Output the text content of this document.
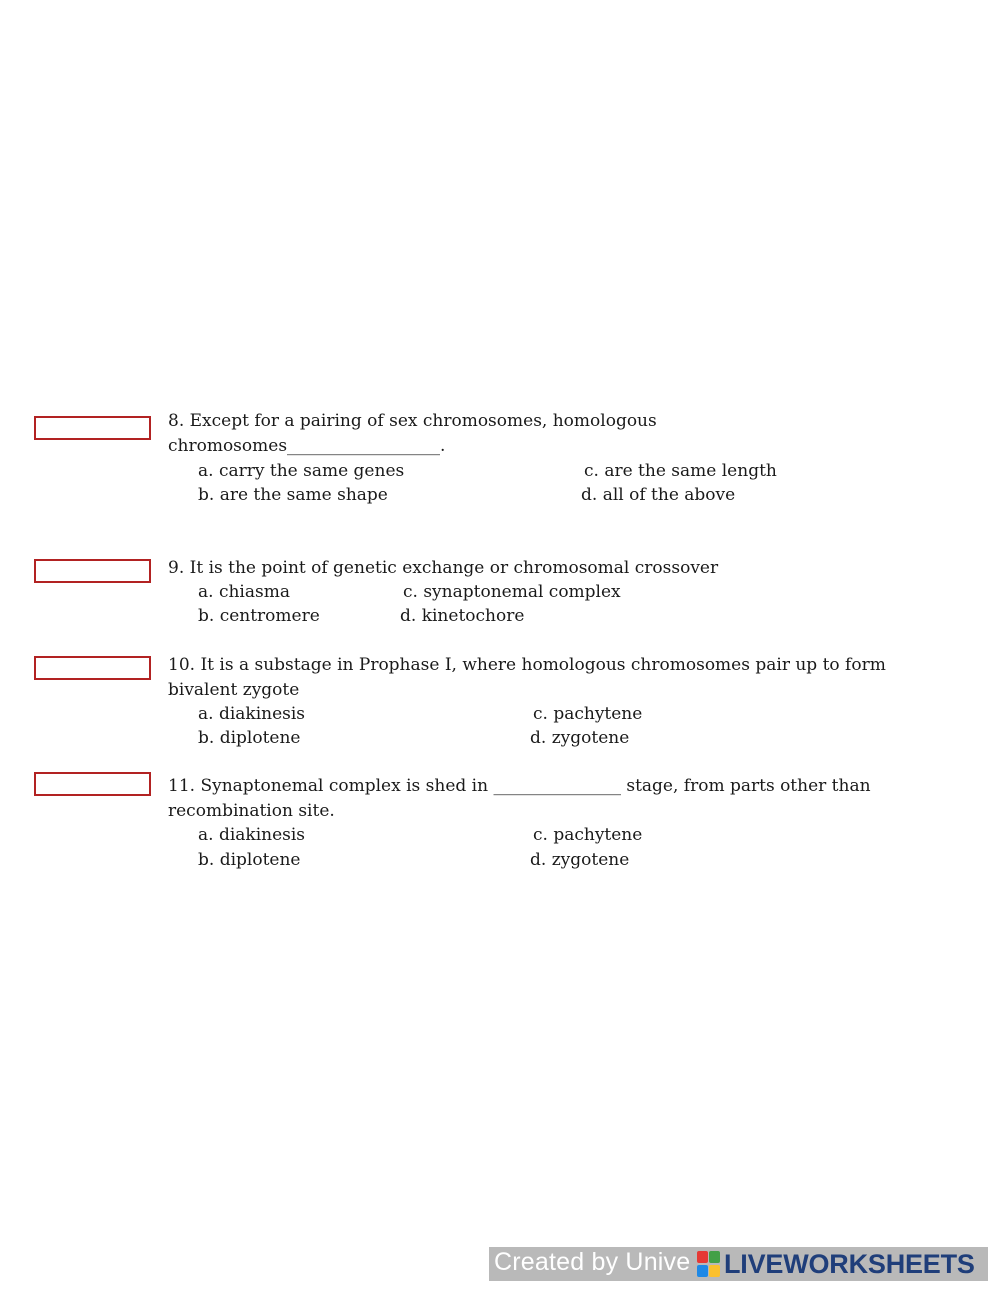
8. Except for a pairing of sex chromosomes, homologous
chromosomes__________________.
a. carry the same genes
b. are the same shape
c. are the same length
d. all of the above
9. It is the point of genetic exchange or chromosomal crossover
a. chiasma
b. centromere
c. synaptonemal complex
d. kinetochore
10. It is a substage in Prophase I, where homologous chromosomes pair up to form
bivalent zygote
a. diakinesis
b. diplotene
c. pachytene
d. zygotene
11. Synaptonemal complex is shed in _______________ stage, from parts other than
recombination site.
a. diakinesis
b. diplotene
c. pachytene
d. zygotene
Created by Unive LIVEWORKSHEETS
